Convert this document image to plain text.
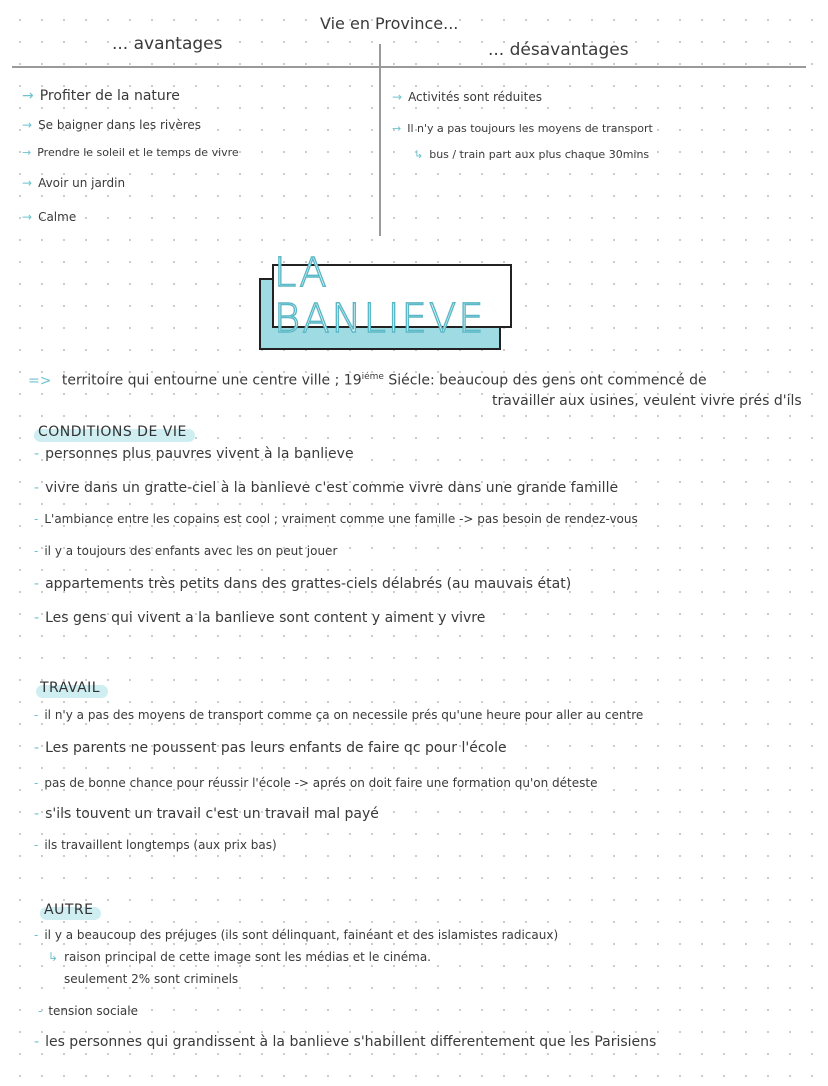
Vie en Province...
... avantages	... désavantages
→ Profiter de la nature
→ Se baigner dans les rivères
→ Prendre le soleil et le temps de vivre
→ Avoir un jardin
→ Calme
→ Activités sont réduites
→ Il n'y a pas toujours les moyens de transport
↳ bus / train part aux plus chaque 30mins
LA BANLIEVE
=> territoire qui entourne une centre ville ; $19^{iéme}$ Siécle: beaucoup des gens ont commencé de
travailler aux usines, veulent vivre prés d'ils
CONDITIONS DE VIE
- personnes plus pauvres vivent à la banlieve
- vivre dans un gratte-ciel à la banlieve c'est comme vivre dans une grande famille
- L'ambiance entre les copains est cool ; vraiment comme une famille -> pas besoin de rendez-vous
- il y a toujours des enfants avec les on peut jouer
- appartements très petits dans des grattes-ciels délabrés (au mauvais état)
- Les gens qui vivent a la banlieve sont content y aiment y vivre
TRAVAIL
- il n'y a pas des moyens de transport comme ça on necessile prés qu'une heure pour aller au centre
- Les parents ne poussent pas leurs enfants de faire qc pour l'école
- pas de bonne chance pour réussir l'école -> aprés on doit faire une formation qu'on déteste
- s'ils touvent un travail c'est un travail mal payé
- ils travaillent longtemps (aux prix bas)
AUTRE
- il y a beaucoup des préjuges (ils sont délinquant, fainéant et des islamistes radicaux)
↳ raison principal de cette image sont les médias et le cinéma.
seulement 2% sont criminels
- tension sociale
- les personnes qui grandissent à la banlieve s'habillent differentement que les Parisiens
